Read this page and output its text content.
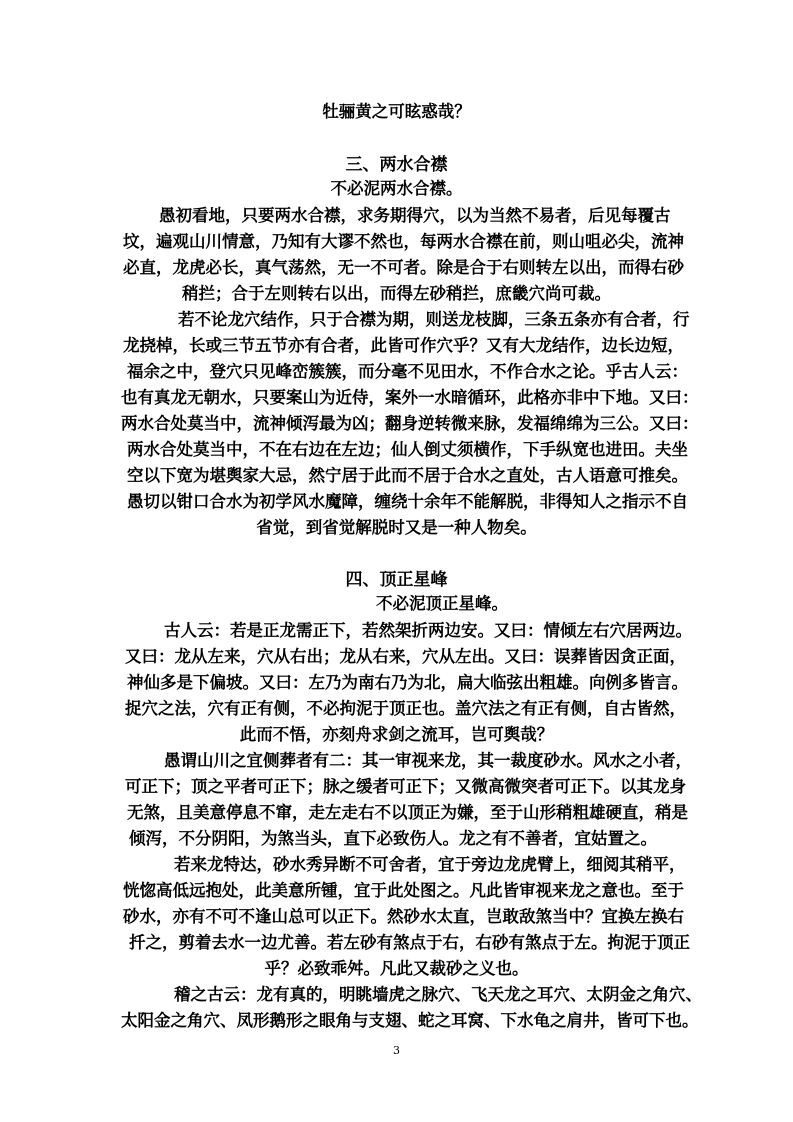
牡骊黄之可眩惑哉？
三、两水合襟
不必泥两水合襟。
愚初看地，只要两水合襟，求务期得穴，以为当然不易者，后见每覆古
坟，遍观山川情意，乃知有大谬不然也，每两水合襟在前，则山咀必尖，流神
必直，龙虎必长，真气荡然，无一不可者。除是合于右则转左以出，而得右砂
稍拦；合于左则转右以出，而得左砂稍拦，庶畿穴尚可裁。
若不论龙穴结作，只于合襟为期，则送龙枝脚，三条五条亦有合者，行
龙挠棹，长或三节五节亦有合者，此皆可作穴乎？又有大龙结作，边长边短，
福余之中，登穴只见峰峦簇簇，而分毫不见田水，不作合水之论。乎古人云：
也有真龙无朝水，只要案山为近侍，案外一水暗循环，此格亦非中下地。又曰：
两水合处莫当中，流神倾泻最为凶；翻身逆转微来脉，发福绵绵为三公。又曰：
两水合处莫当中，不在右边在左边；仙人倒丈须横作，下手纵宽也进田。夫坐
空以下宽为堪舆家大忌，然宁居于此而不居于合水之直处，古人语意可推矣。
愚切以钳口合水为初学风水魔障，缠绕十余年不能解脱，非得知人之指示不自
省觉，到省觉解脱时又是一种人物矣。
四、顶正星峰
不必泥顶正星峰。
古人云：若是正龙需正下，若然架折两边安。又曰：情倾左右穴居两边。
又曰：龙从左来，穴从右出；龙从右来，穴从左出。又曰：误葬皆因贪正面，
神仙多是下偏坡。又曰：左乃为南右乃为北，扁大临弦出粗雄。向例多皆言。
捉穴之法，穴有正有侧，不必拘泥于顶正也。盖穴法之有正有侧，自古皆然，
此而不悟，亦刻舟求剑之流耳，岂可舆哉？
愚谓山川之宜侧葬者有二：其一审视来龙，其一裁度砂水。风水之小者，
可正下；顶之平者可正下；脉之缓者可正下；又微高微突者可正下。以其龙身
无煞，且美意停息不窜，走左走右不以顶正为嫌，至于山形稍粗雄硬直，稍是
倾泻，不分阴阳，为煞当头，直下必致伤人。龙之有不善者，宜姑置之。
若来龙特达，砂水秀异断不可舍者，宜于旁边龙虎臂上，细阅其稍平，
恍惚高低远抱处，此美意所锺，宜于此处图之。凡此皆审视来龙之意也。至于
砂水，亦有不可不逢山总可以正下。然砂水太直，岂敢敌煞当中？宜换左换右
扦之，剪着去水一边尤善。若左砂有煞点于右，右砂有煞点于左。拘泥于顶正
乎？必致乖舛。凡此又裁砂之义也。
稽之古云：龙有真的，明眺墙虎之脉穴、飞天龙之耳穴、太阴金之角穴、
太阳金之角穴、凤形鹅形之眼角与支翅、蛇之耳窝、下水龟之肩井，皆可下也。
3
